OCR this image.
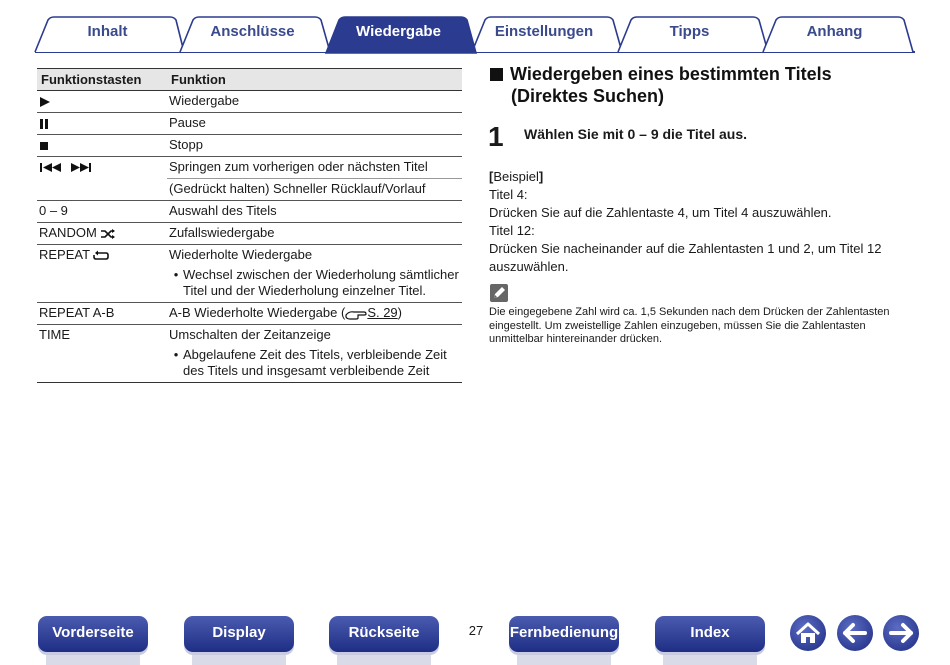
Inhalt	Anschlüsse	Wiedergabe	Einstellungen	Tipps	Anhang
Funktionstasten	Funktion
	Wiedergabe
	Pause
	Stopp
	Springen zum vorherigen oder nächsten Titel
	(Gedrückt halten) Schneller Rücklauf/Vorlauf
0 – 9	Auswahl des Titels
RANDOM	Zufallswiedergabe
REPEAT	Wiederholte Wiedergabe
• Wechsel zwischen der Wiederholung sämtlicher Titel und der Wiederholung einzelner Titel.

REPEAT A-B	A-B Wiederholte Wiedergabe ( S. 29)
TIME	Umschalten der Zeitanzeige
• Abgelaufene Zeit des Titels, verbleibende Zeit des Titels und insgesamt verbleibende Zeit
Wiedergeben eines bestimmten Titels
(Direktes Suchen)
1 Wählen Sie mit 0 – 9 die Titel aus.

[Beispiel]

Titel 4:

Drücken Sie auf die Zahlentaste 4, um Titel 4 auszuwählen.

Titel 12:

Drücken Sie nacheinander auf die Zahlentasten 1 und 2, um Titel 12 auszuwählen.

Die eingegebene Zahl wird ca. 1,5 Sekunden nach dem Drücken der Zahlentasten eingestellt. Um zweistellige Zahlen einzugeben, müssen Sie die Zahlentasten unmittelbar hintereinander drücken.
Vorderseite	Display	Rückseite	27	Fernbedienung	Index
